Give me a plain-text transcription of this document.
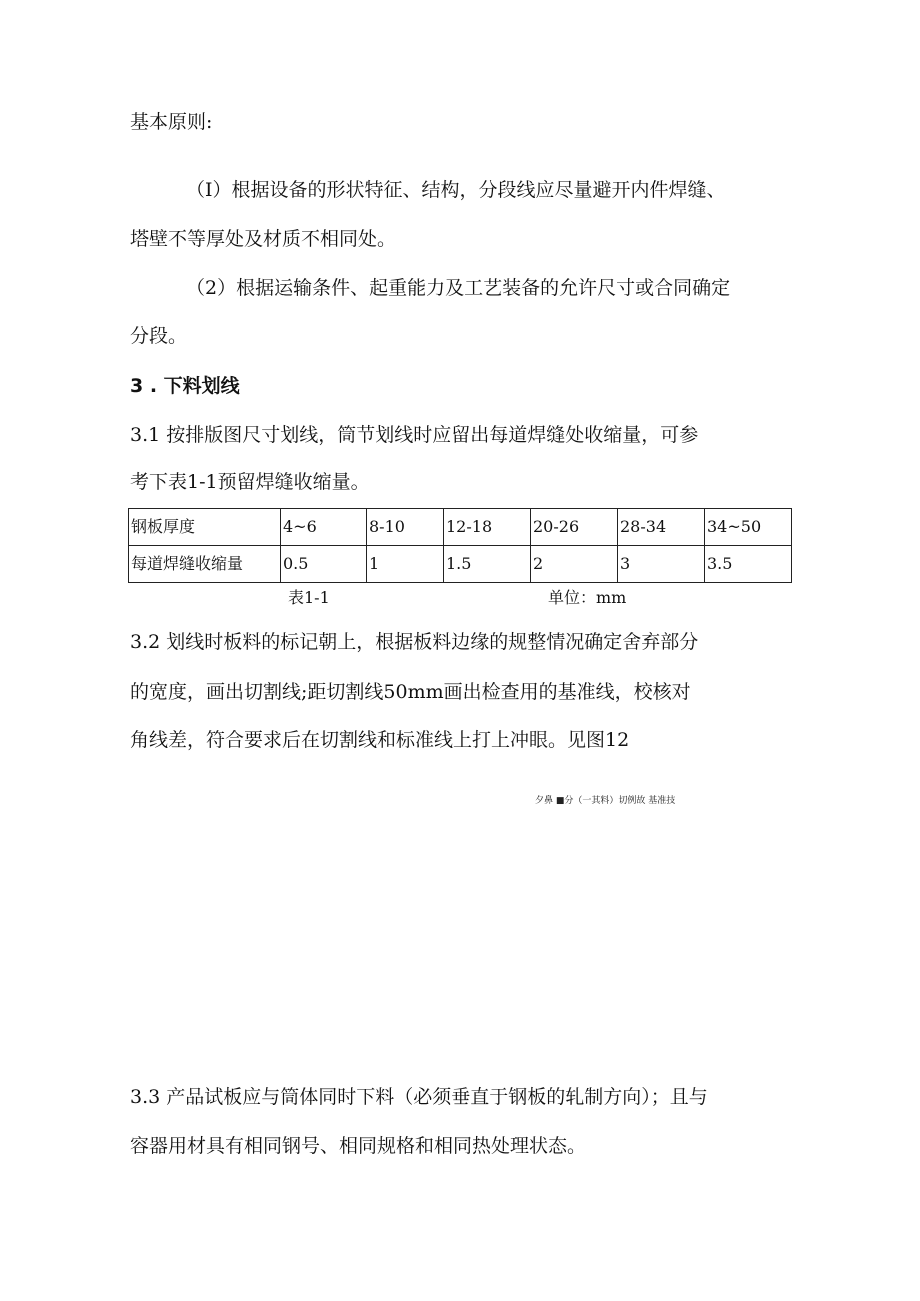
基本原则:
（I）根据设备的形状特征、结构，分段线应尽量避开内件焊缝、
塔壁不等厚处及材质不相同处。
（2）根据运输条件、起重能力及工艺装备的允许尺寸或合同确定
分段。
3 . 下料划线
3.1 按排版图尺寸划线，筒节划线时应留出每道焊缝处收缩量，可参
考下表1-1预留焊缝收缩量。
钢板厚度	4~6	8-10	12-18	20-26	28-34	34~50
每道焊缝收缩量	0.5	1	1.5	2	3	3.5
表1-1	单位：mm
3.2 划线时板料的标记朝上，根据板料边缘的规整情况确定舍弃部分
的宽度，画出切割线;距切割线50mm画出检查用的基准线，校核对
角线差，符合要求后在切割线和标准线上打上冲眼。见图12
夕鼻 ■分（一其料）切例故 基准技
3.3 产品试板应与筒体同时下料（必须垂直于钢板的轧制方向）；且与
容器用材具有相同钢号、相同规格和相同热处理状态。
